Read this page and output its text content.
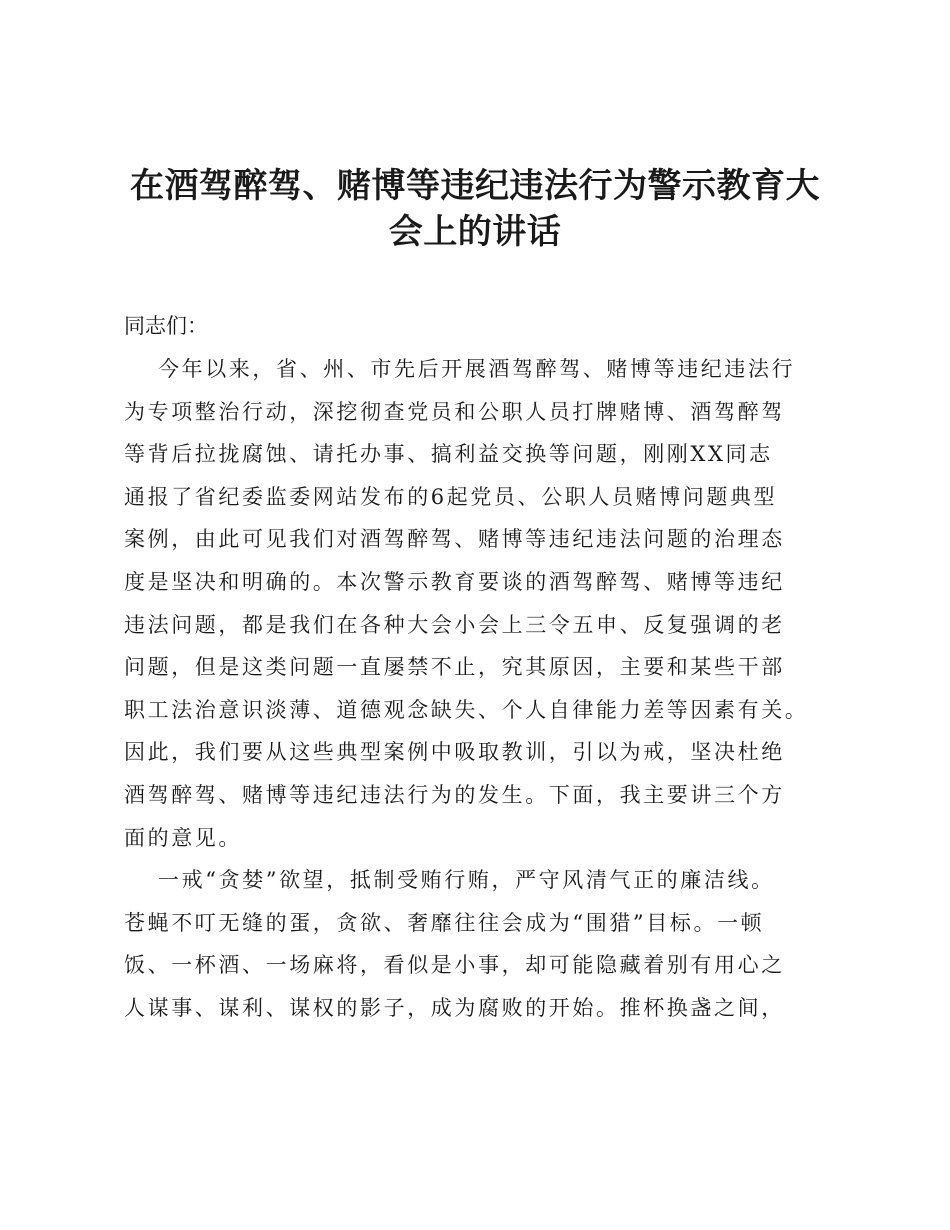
在酒驾醉驾、赌博等违纪违法行为警示教育大
会上的讲话

同志们：

今年以来，省、州、市先后开展酒驾醉驾、赌博等违纪违法行
为专项整治行动，深挖彻查党员和公职人员打牌赌博、酒驾醉驾
等背后拉拢腐蚀、请托办事、搞利益交换等问题，刚刚XX同志
通报了省纪委监委网站发布的6起党员、公职人员赌博问题典型
案例，由此可见我们对酒驾醉驾、赌博等违纪违法问题的治理态
度是坚决和明确的。本次警示教育要谈的酒驾醉驾、赌博等违纪
违法问题，都是我们在各种大会小会上三令五申、反复强调的老
问题，但是这类问题一直屡禁不止，究其原因，主要和某些干部
职工法治意识淡薄、道德观念缺失、个人自律能力差等因素有关。
因此，我们要从这些典型案例中吸取教训，引以为戒，坚决杜绝
酒驾醉驾、赌博等违纪违法行为的发生。下面，我主要讲三个方
面的意见。
一戒“贪婪”欲望，抵制受贿行贿，严守风清气正的廉洁线。
苍蝇不叮无缝的蛋，贪欲、奢靡往往会成为“围猎”目标。一顿
饭、一杯酒、一场麻将，看似是小事，却可能隐藏着别有用心之
人谋事、谋利、谋权的影子，成为腐败的开始。推杯换盏之间，
